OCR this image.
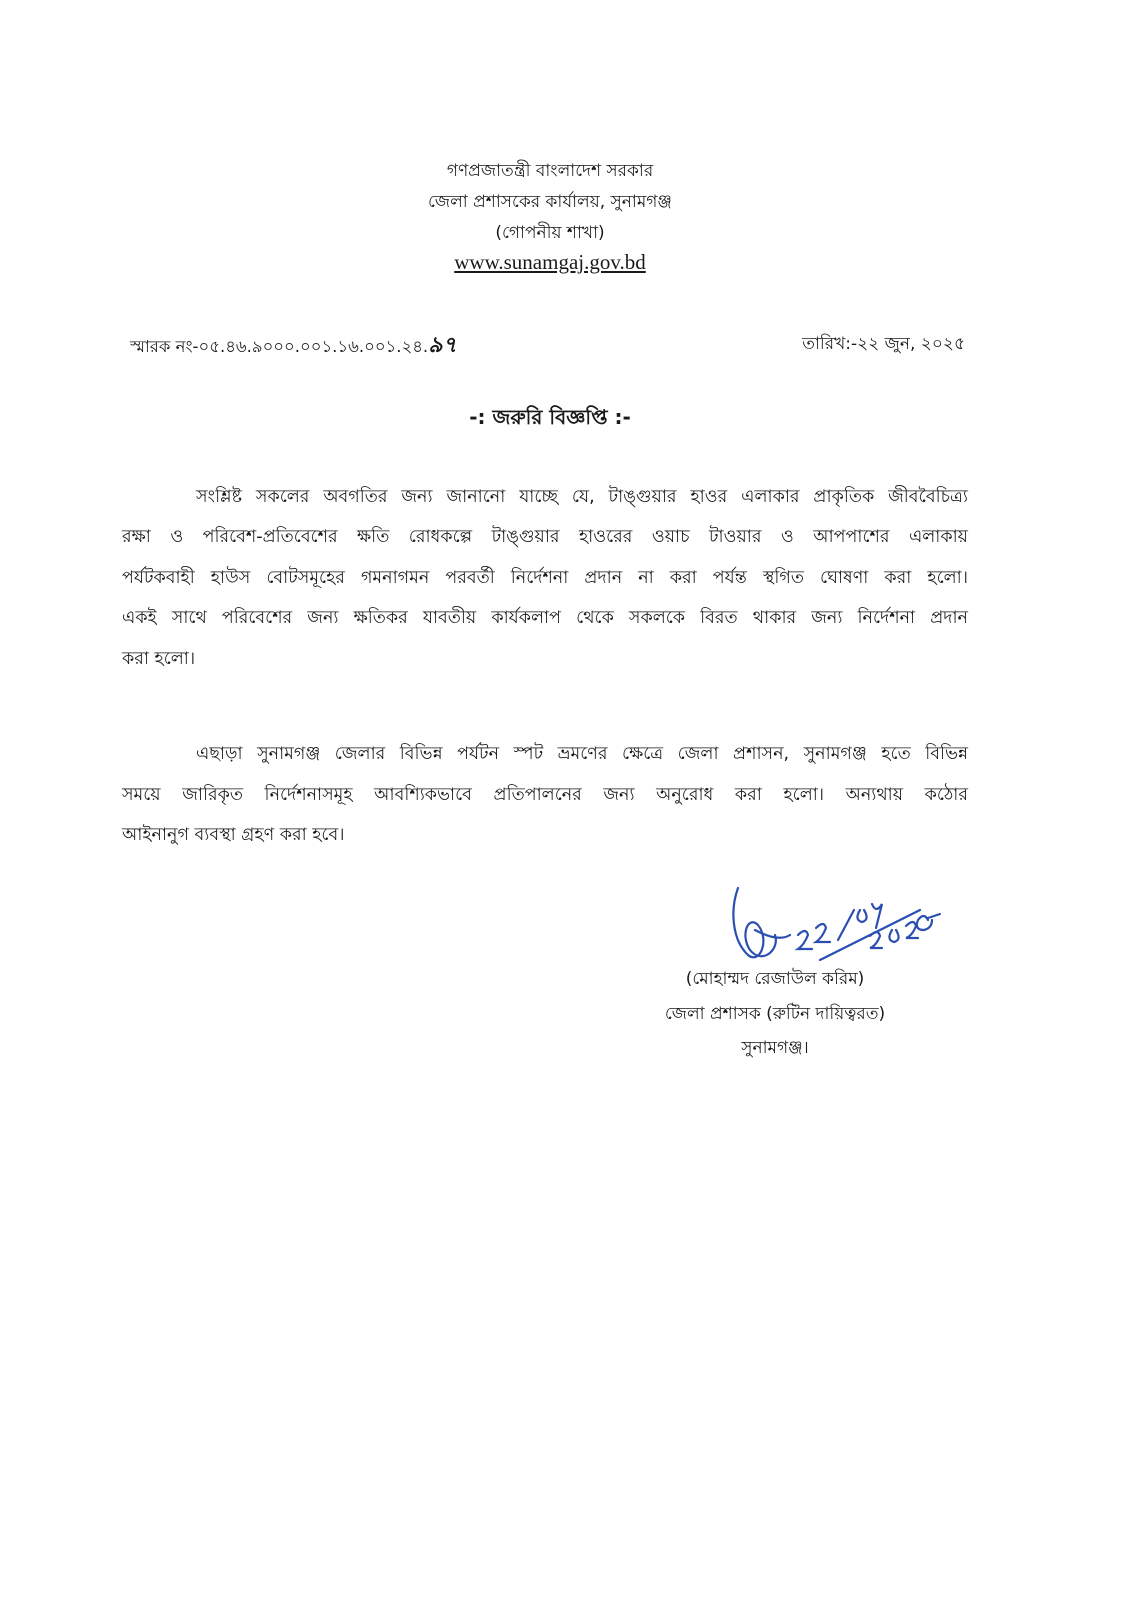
গণপ্রজাতন্ত্রী বাংলাদেশ সরকার
জেলা প্রশাসকের কার্যালয়, সুনামগঞ্জ
(গোপনীয় শাখা)
www.sunamgaj.gov.bd
স্মারক নং-০৫.৪৬.৯০০০.০০১.১৬.০০১.২৪.৯৭	তারিখ:-২২ জুন, ২০২৫
-: জরুরি বিজ্ঞপ্তি :-
সংশ্লিষ্ট সকলের অবগতির জন্য জানানো যাচ্ছে যে, টাঙ্গুয়ার হাওর এলাকার প্রাকৃতিক জীববৈচিত্র্য
রক্ষা ও পরিবেশ-প্রতিবেশের ক্ষতি রোধকল্পে টাঙ্গুয়ার হাওরের ওয়াচ টাওয়ার ও আপপাশের এলাকায়
পর্যটকবাহী হাউস বোটসমূহের গমনাগমন পরবর্তী নির্দেশনা প্রদান না করা পর্যন্ত স্থগিত ঘোষণা করা হলো।
একই সাথে পরিবেশের জন্য ক্ষতিকর যাবতীয় কার্যকলাপ থেকে সকলকে বিরত থাকার জন্য নির্দেশনা প্রদান
করা হলো।
এছাড়া সুনামগঞ্জ জেলার বিভিন্ন পর্যটন স্পট ভ্রমণের ক্ষেত্রে জেলা প্রশাসন, সুনামগঞ্জ হতে বিভিন্ন
সময়ে জারিকৃত নির্দেশনাসমূহ আবশ্যিকভাবে প্রতিপালনের জন্য অনুরোধ করা হলো। অন্যথায় কঠোর
আইনানুগ ব্যবস্থা গ্রহণ করা হবে।
(মোহাম্মদ রেজাউল করিম)
জেলা প্রশাসক (রুটিন দায়িত্বরত)
সুনামগঞ্জ।
